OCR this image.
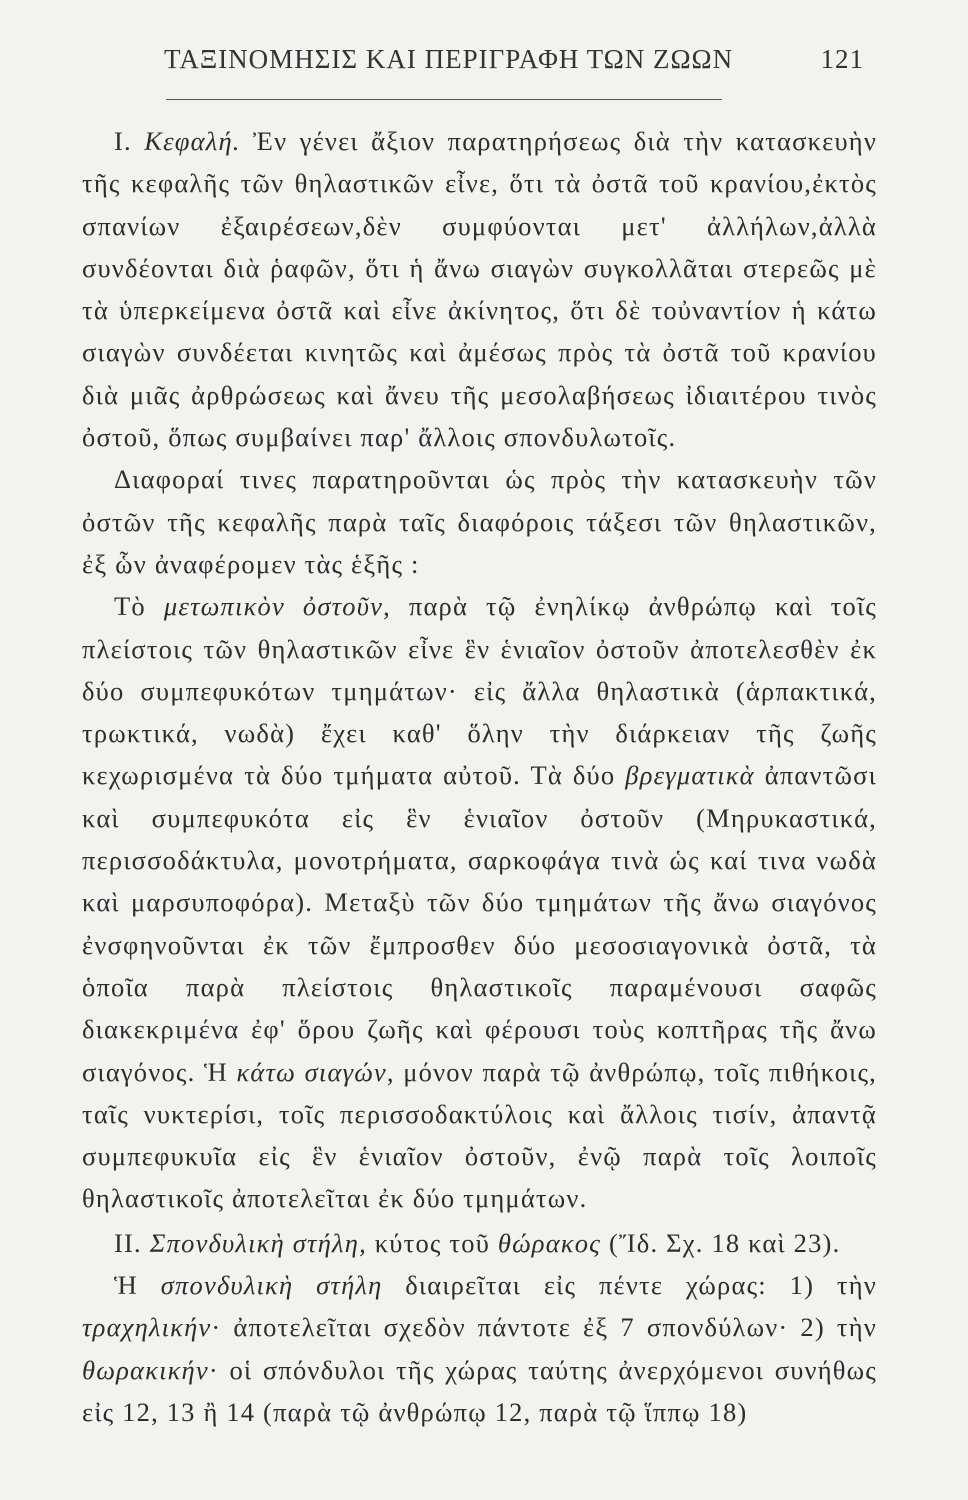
ΤΑΞΙΝΟΜΗΣΙΣ ΚΑΙ ΠΕΡΙΓΡΑΦΗ ΤΩΝ ΖΩΩΝ	121

I. Κεφαλή. Ἐν γένει ἄξιον παρατηρήσεως διὰ τὴν κατασκευὴν τῆς κεφαλῆς τῶν θηλαστικῶν εἶνε, ὅτι τὰ ὀστᾶ τοῦ κρανίου,ἐκτὸς σπανίων ἐξαιρέσεων,δὲν συμφύονται μετ' ἀλλήλων,ἀλλὰ συνδέονται διὰ ῥαφῶν, ὅτι ἡ ἄνω σιαγὼν συγκολλᾶται στερεῶς μὲ τὰ ὑπερκείμενα ὀστᾶ καὶ εἶνε ἀκίνητος, ὅτι δὲ τοὐναντίον ἡ κάτω σιαγὼν συνδέεται κινητῶς καὶ ἀμέσως πρὸς τὰ ὀστᾶ τοῦ κρανίου διὰ μιᾶς ἀρθρώσεως καὶ ἄνευ τῆς μεσολαβήσεως ἰδιαιτέρου τινὸς ὀστοῦ, ὅπως συμβαίνει παρ' ἄλλοις σπονδυλωτοῖς.

Διαφοραί τινες παρατηροῦνται ὡς πρὸς τὴν κατασκευὴν τῶν ὀστῶν τῆς κεφαλῆς παρὰ ταῖς διαφόροις τάξεσι τῶν θηλαστικῶν, ἐξ ὧν ἀναφέρομεν τὰς ἑξῆς :

Τὸ μετωπικὸν ὀστοῦν, παρὰ τῷ ἐνηλίκῳ ἀνθρώπῳ καὶ τοῖς πλείστοις τῶν θηλαστικῶν εἶνε ἓν ἑνιαῖον ὀστοῦν ἀποτελεσθὲν ἐκ δύο συμπεφυκότων τμημάτων· εἰς ἄλλα θηλαστικὰ (ἁρπακτικά, τρωκτικά, νωδὰ) ἔχει καθ' ὅλην τὴν διάρκειαν τῆς ζωῆς κεχωρισμένα τὰ δύο τμήματα αὐτοῦ. Τὰ δύο βρεγματικὰ ἀπαντῶσι καὶ συμπεφυκότα εἰς ἓν ἑνιαῖον ὀστοῦν (Μηρυκαστικά, περισσοδάκτυλα, μονοτρήματα, σαρκοφάγα τινὰ ὡς καί τινα νωδὰ καὶ μαρσυποφόρα). Μεταξὺ τῶν δύο τμημάτων τῆς ἄνω σιαγόνος ἐνσφηνοῦνται ἐκ τῶν ἔμπροσθεν δύο μεσοσιαγονικὰ ὀστᾶ, τὰ ὁποῖα παρὰ πλείστοις θηλαστικοῖς παραμένουσι σαφῶς διακεκριμένα ἐφ' ὅρου ζωῆς καὶ φέρουσι τοὺς κοπτῆρας τῆς ἄνω σιαγόνος. Ἡ κάτω σιαγών, μόνον παρὰ τῷ ἀνθρώπῳ, τοῖς πιθήκοις, ταῖς νυκτερίσι, τοῖς περισσοδακτύλοις καὶ ἄλλοις τισίν, ἀπαντᾷ συμπεφυκυῖα εἰς ἓν ἑνιαῖον ὀστοῦν, ἐνῷ παρὰ τοῖς λοιποῖς θηλαστικοῖς ἀποτελεῖται ἐκ δύο τμημάτων.

II. Σπονδυλικὴ στήλη, κύτος τοῦ θώρακος (Ἴδ. Σχ. 18 καὶ 23).

Ἡ σπονδυλικὴ στήλη διαιρεῖται εἰς πέντε χώρας: 1) τὴν τραχηλικήν· ἀποτελεῖται σχεδὸν πάντοτε ἐξ 7 σπονδύλων· 2) τὴν θωρακικήν· οἱ σπόνδυλοι τῆς χώρας ταύτης ἀνερχόμενοι συνήθως εἰς 12, 13 ἢ 14 (παρὰ τῷ ἀνθρώπῳ 12, παρὰ τῷ ἵππῳ 18)
